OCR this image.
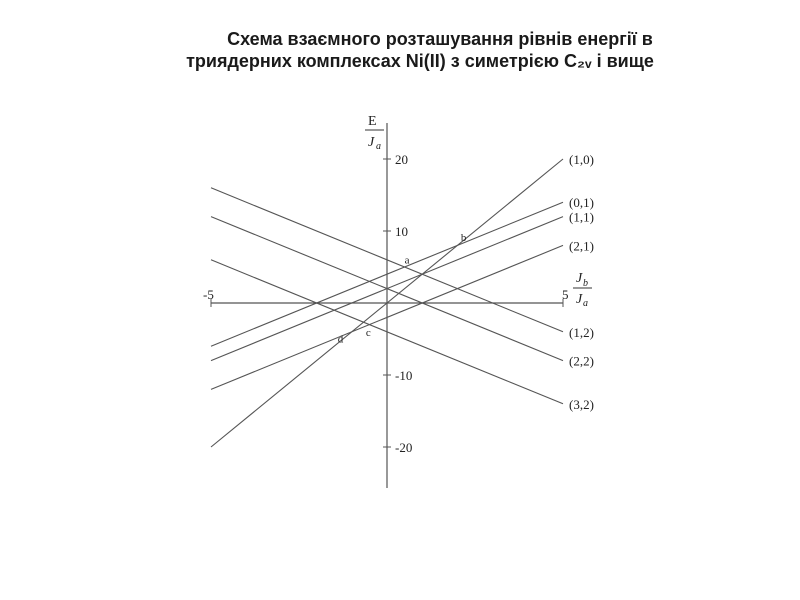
Схема взаємного розташування рівнів енергії в
триядерних комплексах Ni(II) з симетрією C₂ᵥ і вище
20
10
-10
-20
-5	5
E
J a
J b
J a
(1,0)
(0,1)
(1,1)
(2,1)
(1,2)
(2,2)
(3,2)
a
b
c
d
